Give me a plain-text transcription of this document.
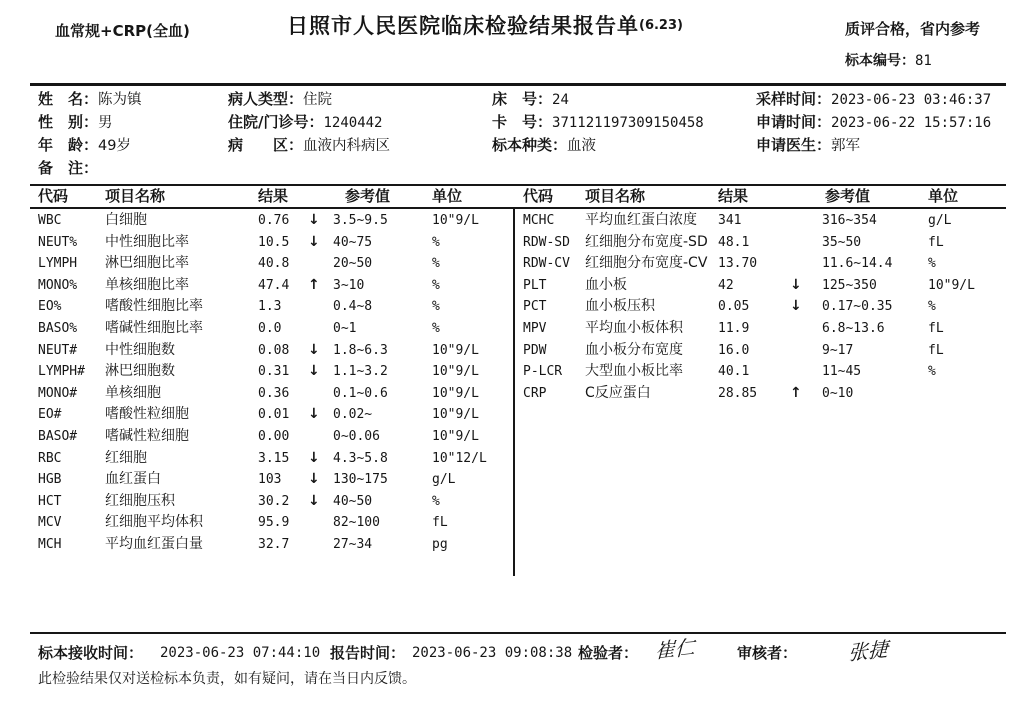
血常规+CRP(全血)	日照市人民医院临床检验结果报告单(6.23)	质评合格，省内参考
标本编号：81
姓　名：陈为镇	病人类型：住院	床　号：24	采样时间：2023-06-23 03:46:37
性　别：男	住院/门诊号：1240442	卡　号：371121197309150458	申请时间：2023-06-22 15:57:16
年　龄：49岁	病　　区：血液内科病区	标本种类：血液	申请医生：郭军
备　注：
代码 项目名称	结果	参考值	单位	代码 项目名称	结果	参考值	单位
WBC	白细胞	0.76	↓	3.5~9.5	10"9/L
NEUT%	中性细胞比率	10.5	↓	40~75	%
LYMPH	淋巴细胞比率	40.8	20~50	%
MONO%	单核细胞比率	47.4	↑	3~10	%
EO%	嗜酸性细胞比率	1.3	0.4~8	%
BASO%	嗜碱性细胞比率	0.0	0~1	%
NEUT#	中性细胞数	0.08	↓	1.8~6.3	10"9/L
LYMPH#	淋巴细胞数	0.31	↓	1.1~3.2	10"9/L
MONO#	单核细胞	0.36	0.1~0.6	10"9/L
EO#	嗜酸性粒细胞	0.01	↓	0.02~	10"9/L
BASO#	嗜碱性粒细胞	0.00	0~0.06	10"9/L
RBC	红细胞	3.15	↓	4.3~5.8	10"12/L
HGB	血红蛋白	103	↓	130~175	g/L
HCT	红细胞压积	30.2	↓	40~50	%
MCV	红细胞平均体积	95.9	82~100	fL
MCH	平均血红蛋白量	32.7	27~34	pg
MCHC	平均血红蛋白浓度	341	316~354	g/L
RDW-SD	红细胞分布宽度-SD 48.1	35~50	fL
RDW-CV	红细胞分布宽度-CV 13.70	11.6~14.4	%
PLT	血小板	42	↓	125~350	10"9/L
PCT	血小板压积	0.05	↓	0.17~0.35	%
MPV	平均血小板体积	11.9	6.8~13.6	fL
PDW	血小板分布宽度	16.0	9~17	fL
P-LCR	大型血小板比率	40.1	11~45	%
CRP	C反应蛋白	28.85	↑	0~10
标本接收时间： 2023-06-23 07:44:10 报告时间： 2023-06-23 09:08:38 检验者： 崔仁	审核者：	张捷
此检验结果仅对送检标本负责，如有疑问，请在当日内反馈。
